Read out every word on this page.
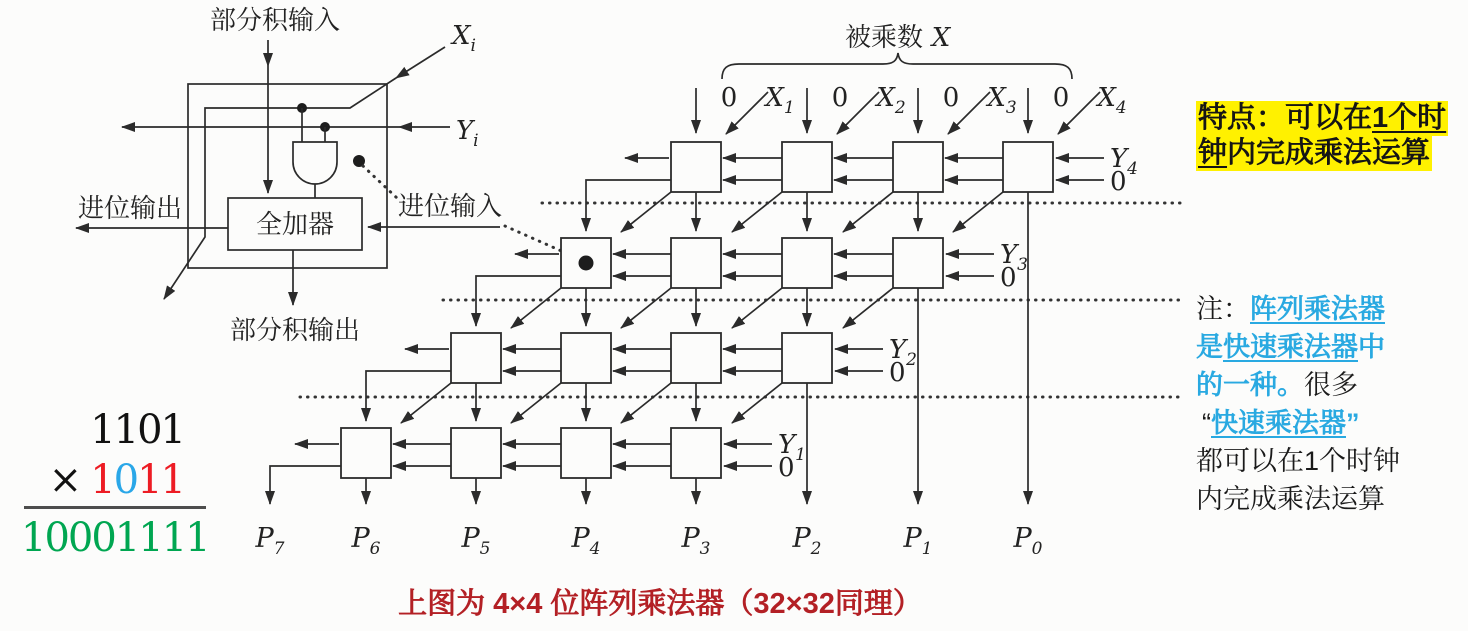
部分积输入	$X_i$
$Y_i$
进位输出	进位输入
全加器
部分积输出
被乘数 X
0	0	0	0
$X_1$	$X_2$	$X_3$	$X_4$
$Y_4$
0
$Y_3$
0
$Y_2$
0
$Y_1$
0
$P_7$ $P_6$	$P_5$	$P_4$	$P_3$	$P_2$	$P_1$	$P_0$
1101
× 1011
10001111
特点：可以在1个时
钟内完成乘法运算
注：阵列乘法器
是快速乘法器中
的一种。很多
“快速乘法器”
都可以在1个时钟
内完成乘法运算
上图为 4×4 位阵列乘法器（32×32同理）
